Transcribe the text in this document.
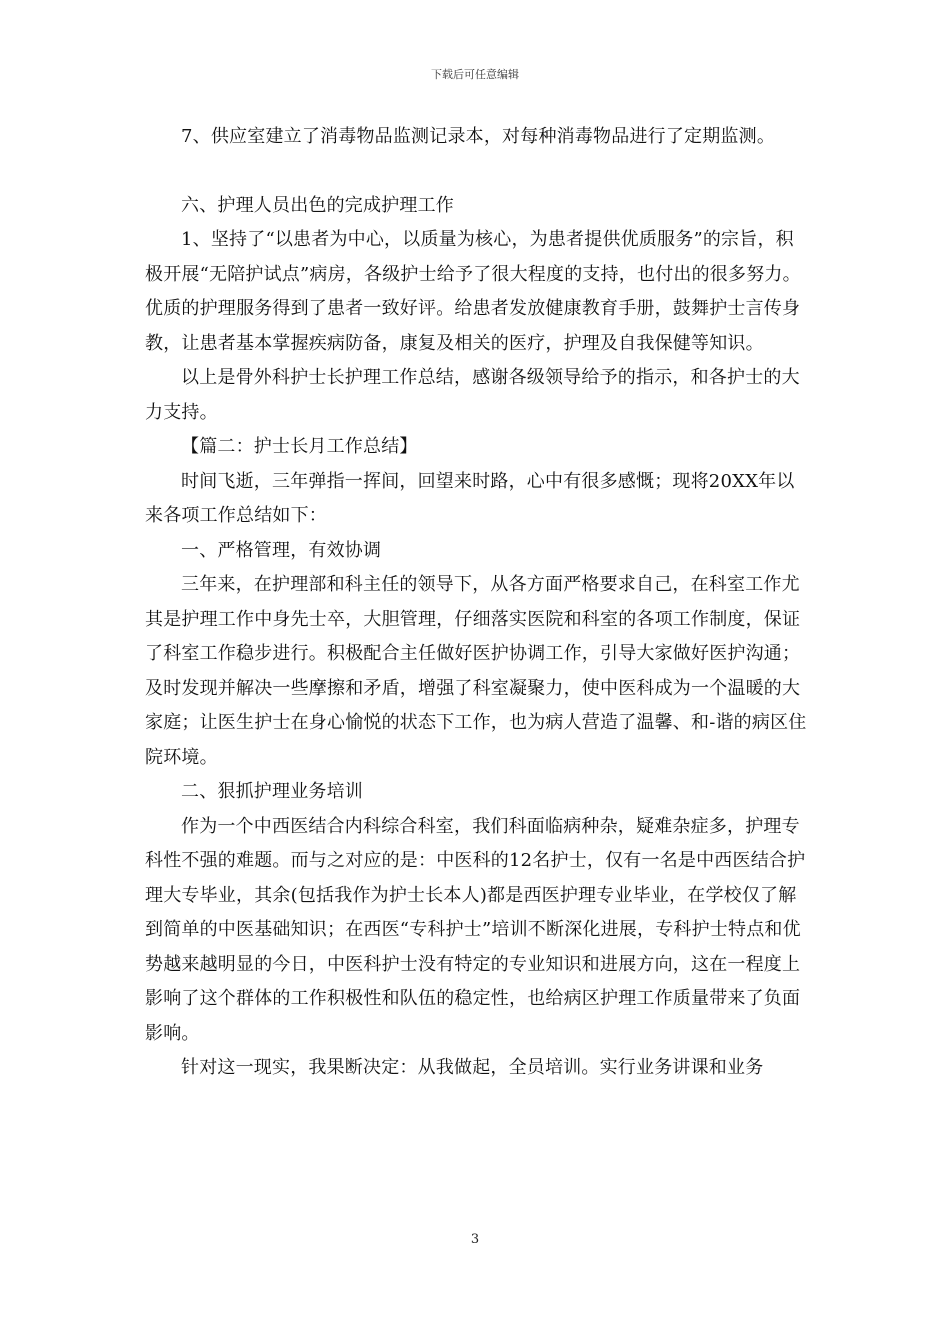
下载后可任意编辑

7、供应室建立了消毒物品监测记录本，对每种消毒物品进行了定期监测。

六、护理人员出色的完成护理工作

1、坚持了“以患者为中心，以质量为核心，为患者提供优质服务”的宗旨，积极开展“无陪护试点”病房，各级护士给予了很大程度的支持，也付出的很多努力。优质的护理服务得到了患者一致好评。给患者发放健康教育手册，鼓舞护士言传身教，让患者基本掌握疾病防备，康复及相关的医疗，护理及自我保健等知识。

以上是骨外科护士长护理工作总结，感谢各级领导给予的指示，和各护士的大力支持。

【篇二：护士长月工作总结】

时间飞逝，三年弹指一挥间，回望来时路，心中有很多感慨；现将20XX年以来各项工作总结如下：

一、严格管理，有效协调

三年来，在护理部和科主任的领导下，从各方面严格要求自己，在科室工作尤其是护理工作中身先士卒，大胆管理，仔细落实医院和科室的各项工作制度，保证了科室工作稳步进行。积极配合主任做好医护协调工作，引导大家做好医护沟通；及时发现并解决一些摩擦和矛盾，增强了科室凝聚力，使中医科成为一个温暖的大家庭；让医生护士在身心愉悦的状态下工作，也为病人营造了温馨、和-谐的病区住院环境。

二、狠抓护理业务培训

作为一个中西医结合内科综合科室，我们科面临病种杂，疑难杂症多，护理专科性不强的难题。而与之对应的是：中医科的12名护士，仅有一名是中西医结合护理大专毕业，其余(包括我作为护士长本人)都是西医护理专业毕业，在学校仅了解到简单的中医基础知识；在西医“专科护士”培训不断深化进展，专科护士特点和优势越来越明显的今日，中医科护士没有特定的专业知识和进展方向，这在一程度上影响了这个群体的工作积极性和队伍的稳定性，也给病区护理工作质量带来了负面影响。

针对这一现实，我果断决定：从我做起，全员培训。实行业务讲课和业务

3
